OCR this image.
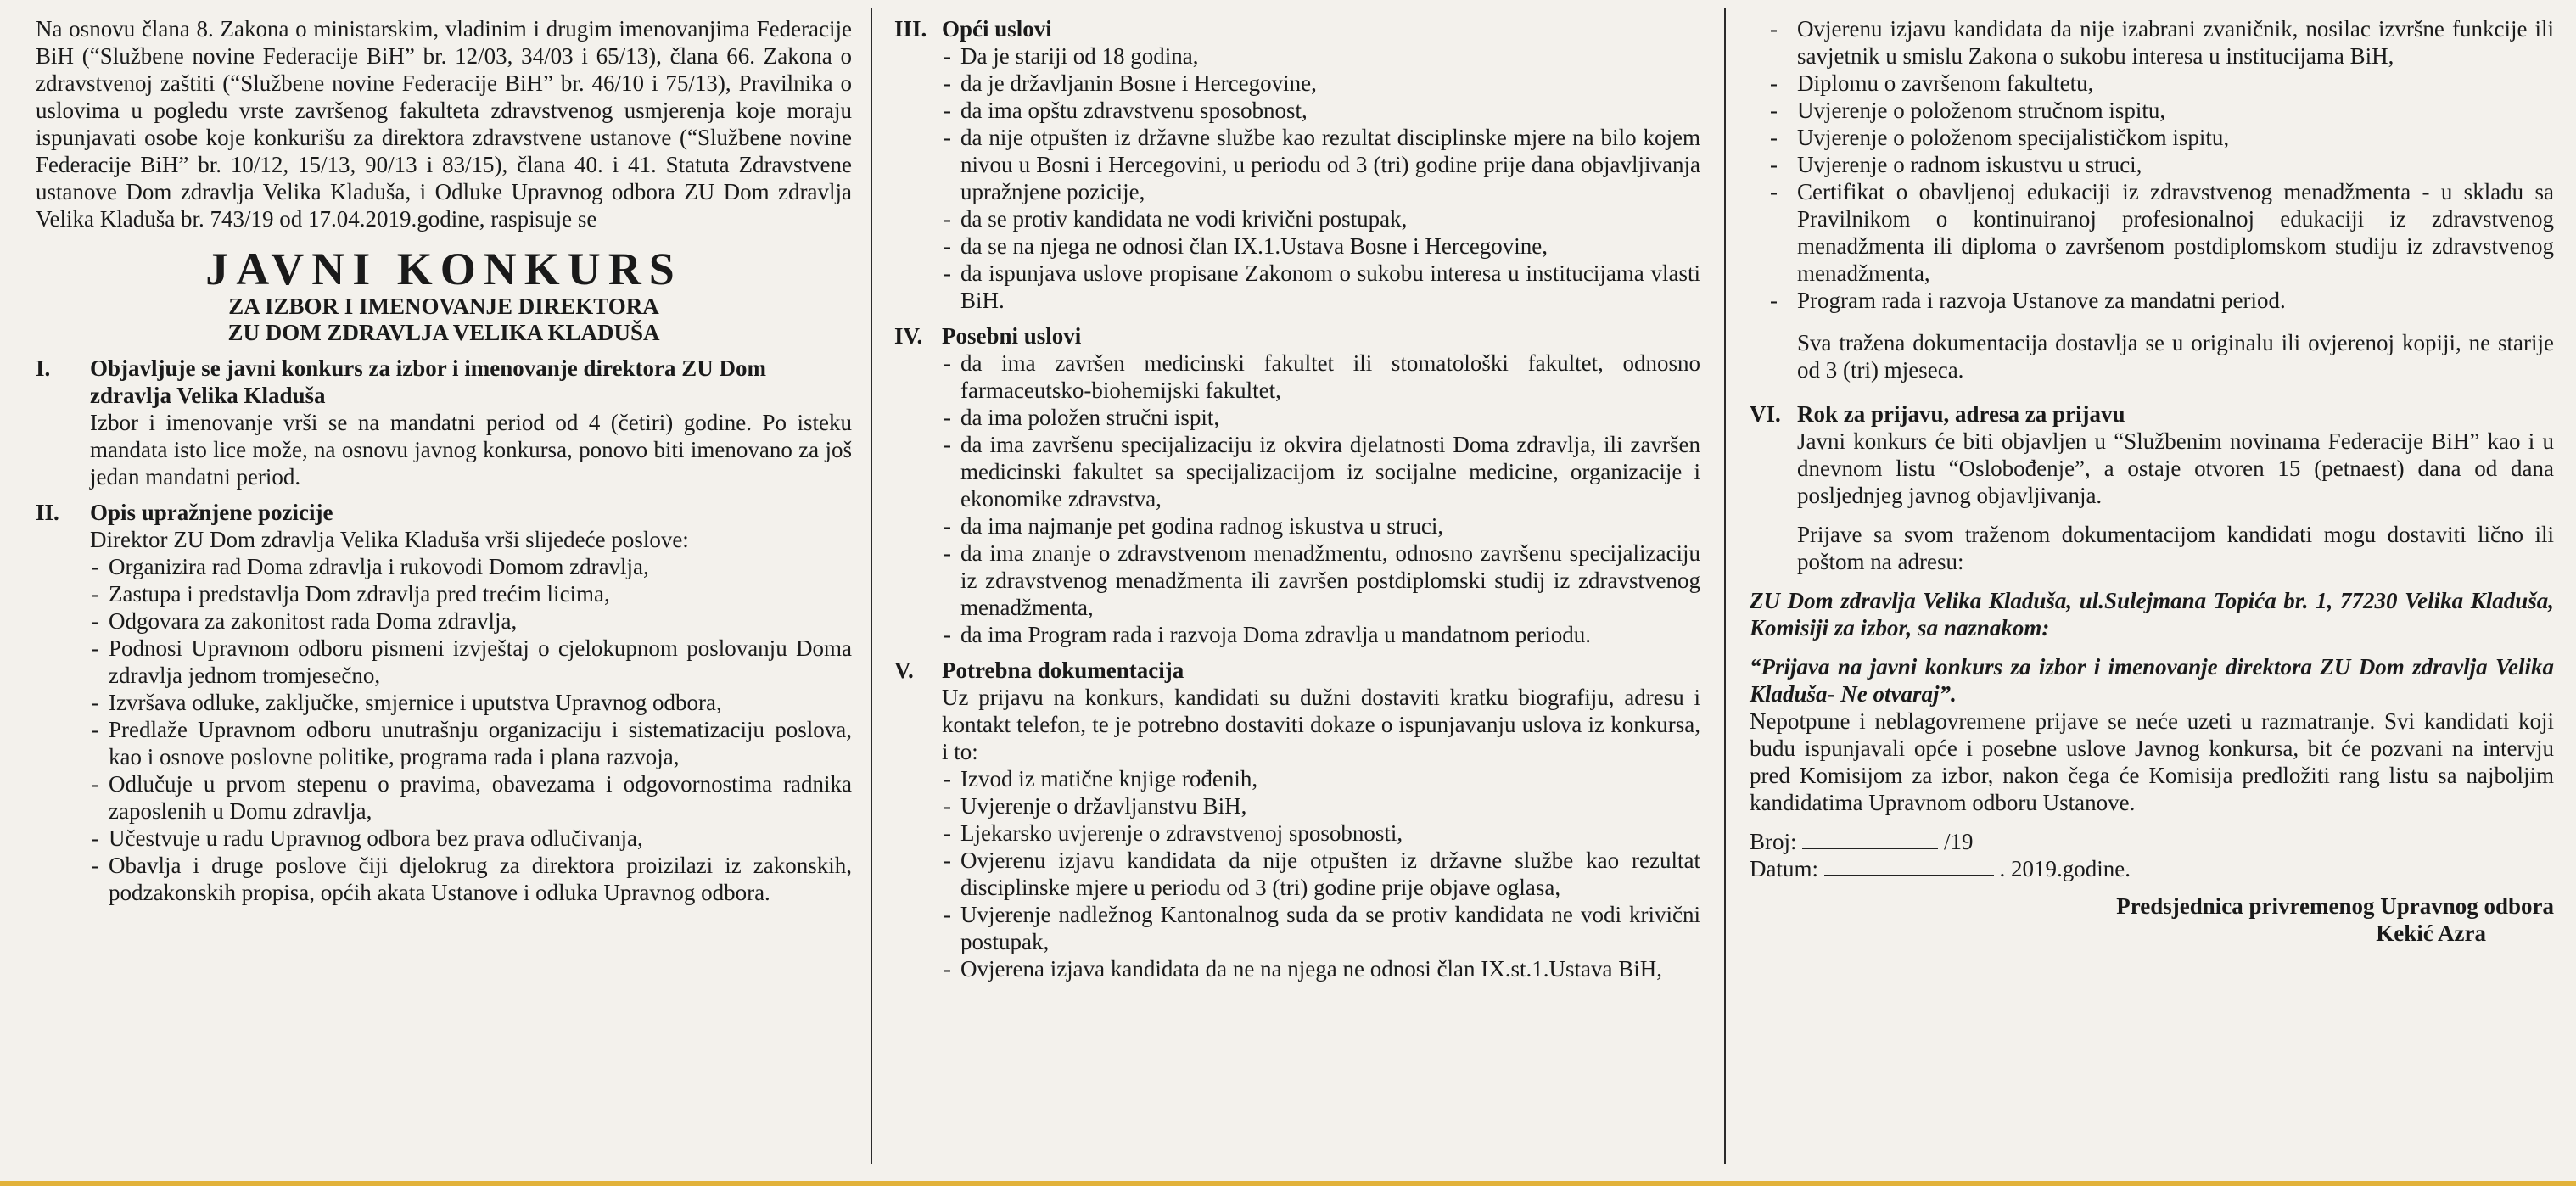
Na osnovu člana 8. Zakona o ministarskim, vladinim i drugim imenovanjima Federacije BiH (“Službene novine Federacije BiH” br. 12/03, 34/03 i 65/13), člana 66. Zakona o zdravstvenoj zaštiti (“Službene novine Federacije BiH” br. 46/10 i 75/13), Pravilnika o uslovima u pogledu vrste završenog fakulteta zdravstvenog usmjerenja koje moraju ispunjavati osobe koje konkurišu za direktora zdravstvene ustanove (“Službene novine Federacije BiH” br. 10/12, 15/13, 90/13 i 83/15), člana 40. i 41. Statuta Zdravstvene ustanove Dom zdravlja Velika Kladuša, i Odluke Upravnog odbora ZU Dom zdravlja Velika Kladuša br. 743/19 od 17.04.2019.godine, raspisuje se

JAVNI KONKURS
ZA IZBOR I IMENOVANJE DIREKTORA
ZU DOM ZDRAVLJA VELIKA KLADUŠA
I. Objavljuje se javni konkurs za izbor i imenovanje direktora ZU Dom zdravlja Velika Kladuša

Izbor i imenovanje vrši se na mandatni period od 4 (četiri) godine. Po isteku mandata isto lice može, na osnovu javnog konkursa, ponovo biti imenovano za još jedan mandatni period.

II. Opis upražnjene pozicije

Direktor ZU Dom zdravlja Velika Kladuša vrši slijedeće poslove:

- Organizira rad Doma zdravlja i rukovodi Domom zdravlja,
- Zastupa i predstavlja Dom zdravlja pred trećim licima,
- Odgovara za zakonitost rada Doma zdravlja,
- Podnosi Upravnom odboru pismeni izvještaj o cjelokupnom poslovanju Doma zdravlja jednom tromjesečno,
- Izvršava odluke, zaključke, smjernice i uputstva Upravnog odbora,
- Predlaže Upravnom odboru unutrašnju organizaciju i sistematizaciju poslova, kao i osnove poslovne politike, programa rada i plana razvoja,
- Odlučuje u prvom stepenu o pravima, obavezama i odgovornostima radnika zaposlenih u Domu zdravlja,
- Učestvuje u radu Upravnog odbora bez prava odlučivanja,
- Obavlja i druge poslove čiji djelokrug za direktora proizilazi iz zakonskih, podzakonskih propisa, općih akata Ustanove i odluka Upravnog odbora.
III. Opći uslovi
- Da je stariji od 18 godina,
- da je državljanin Bosne i Hercegovine,
- da ima opštu zdravstvenu sposobnost,
- da nije otpušten iz državne službe kao rezultat disciplinske mjere na bilo kojem nivou u Bosni i Hercegovini, u periodu od 3 (tri) godine prije dana objavljivanja upražnjene pozicije,
- da se protiv kandidata ne vodi krivični postupak,
- da se na njega ne odnosi član IX.1.Ustava Bosne i Hercegovine,
- da ispunjava uslove propisane Zakonom o sukobu interesa u institucijama vlasti BiH.
IV. Posebni uslovi
- da ima završen medicinski fakultet ili stomatološki fakultet, odnosno farmaceutsko-biohemijski fakultet,
- da ima položen stručni ispit,
- da ima završenu specijalizaciju iz okvira djelatnosti Doma zdravlja, ili završen medicinski fakultet sa specijalizacijom iz socijalne medicine, organizacije i ekonomike zdravstva,
- da ima najmanje pet godina radnog iskustva u struci,
- da ima znanje o zdravstvenom menadžmentu, odnosno završenu specijalizaciju iz zdravstvenog menadžmenta ili završen postdiplomski studij iz zdravstvenog menadžmenta,
- da ima Program rada i razvoja Doma zdravlja u mandatnom periodu.
V. Potrebna dokumentacija

Uz prijavu na konkurs, kandidati su dužni dostaviti kratku biografiju, adresu i kontakt telefon, te je potrebno dostaviti dokaze o ispunjavanju uslova iz konkursa, i to:

- Izvod iz matične knjige rođenih,
- Uvjerenje o državljanstvu BiH,
- Ljekarsko uvjerenje o zdravstvenoj sposobnosti,
- Ovjerenu izjavu kandidata da nije otpušten iz državne službe kao rezultat disciplinske mjere u periodu od 3 (tri) godine prije objave oglasa,
- Uvjerenje nadležnog Kantonalnog suda da se protiv kandidata ne vodi krivični postupak,
- Ovjerena izjava kandidata da ne na njega ne odnosi član IX.st.1.Ustava BiH,
- Ovjerenu izjavu kandidata da nije izabrani zvaničnik, nosilac izvršne funkcije ili savjetnik u smislu Zakona o sukobu interesa u institucijama BiH,
- Diplomu o završenom fakultetu,
- Uvjerenje o položenom stručnom ispitu,
- Uvjerenje o položenom specijalističkom ispitu,
- Uvjerenje o radnom iskustvu u struci,
- Certifikat o obavljenoj edukaciji iz zdravstvenog menadžmenta - u skladu sa Pravilnikom o kontinuiranoj profesionalnoj edukaciji iz zdravstvenog menadžmenta ili diploma o završenom postdiplomskom studiju iz zdravstvenog menadžmenta,
- Program rada i razvoja Ustanove za mandatni period.

Sva tražena dokumentacija dostavlja se u originalu ili ovjerenoj kopiji, ne starije od 3 (tri) mjeseca.

VI. Rok za prijavu, adresa za prijavu

Javni konkurs će biti objavljen u “Službenim novinama Federacije BiH” kao i u dnevnom listu “Oslobođenje”, a ostaje otvoren 15 (petnaest) dana od dana posljednjeg javnog objavljivanja.

Prijave sa svom traženom dokumentacijom kandidati mogu dostaviti lično ili poštom na adresu:

ZU Dom zdravlja Velika Kladuša, ul.Sulejmana Topića br. 1, 77230 Velika Kladuša, Komisiji za izbor, sa naznakom:

“Prijava na javni konkurs za izbor i imenovanje direktora ZU Dom zdravlja Velika Kladuša- Ne otvaraj”.

Nepotpune i neblagovremene prijave se neće uzeti u razmatranje. Svi kandidati koji budu ispunjavali opće i posebne uslove Javnog konkursa, bit će pozvani na intervju pred Komisijom za izbor, nakon čega će Komisija predložiti rang listu sa najboljim kandidatima Upravnom odboru Ustanove.

Broj:	/19
Datum:	. 2019.godine.
Predsjednica privremenog Upravnog odbora
Kekić Azra
